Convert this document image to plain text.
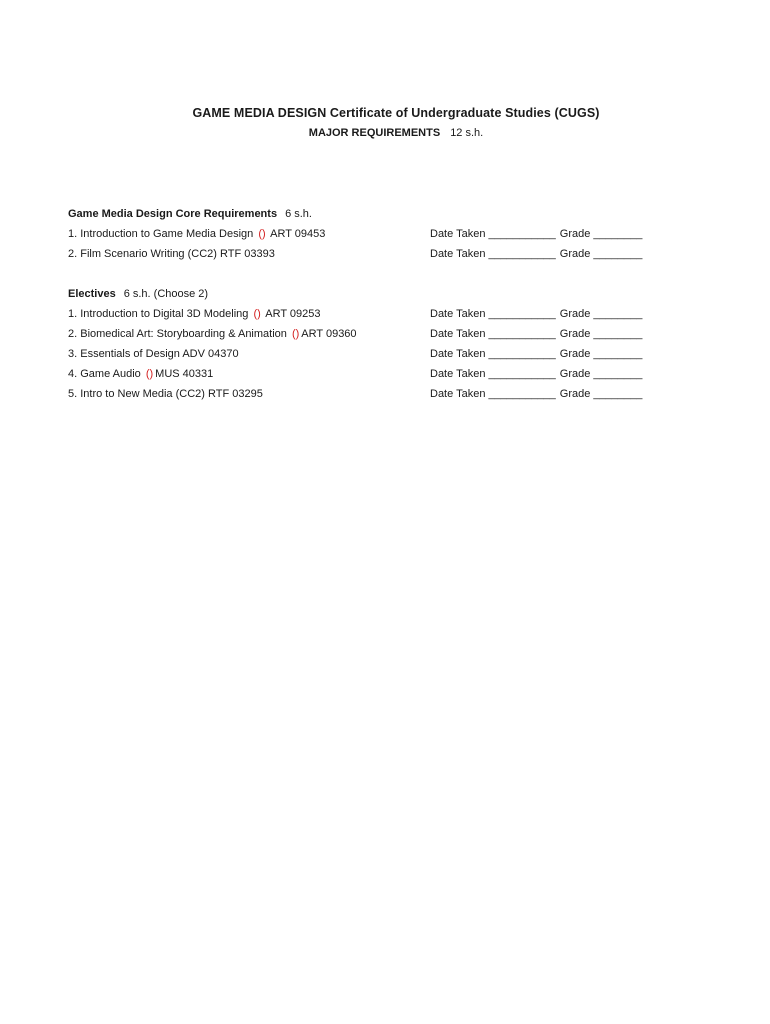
GAME MEDIA DESIGN Certificate of Undergraduate Studies (CUGS)
MAJOR REQUIREMENTS 12 s.h.
Game Media Design Core Requirements 6 s.h.
1. Introduction to Game Media Design () ART 09453	Date Taken ___________ Grade ________
2. Film Scenario Writing (CC2) RTF 03393	Date Taken ___________ Grade ________
Electives 6 s.h. (Choose 2)
1. Introduction to Digital 3D Modeling () ART 09253	Date Taken ___________ Grade ________
2. Biomedical Art: Storyboarding & Animation () ART 09360	Date Taken ___________ Grade ________
3. Essentials of Design ADV 04370	Date Taken ___________ Grade ________
4. Game Audio () MUS 40331	Date Taken ___________ Grade ________
5. Intro to New Media (CC2) RTF 03295	Date Taken ___________ Grade ________
